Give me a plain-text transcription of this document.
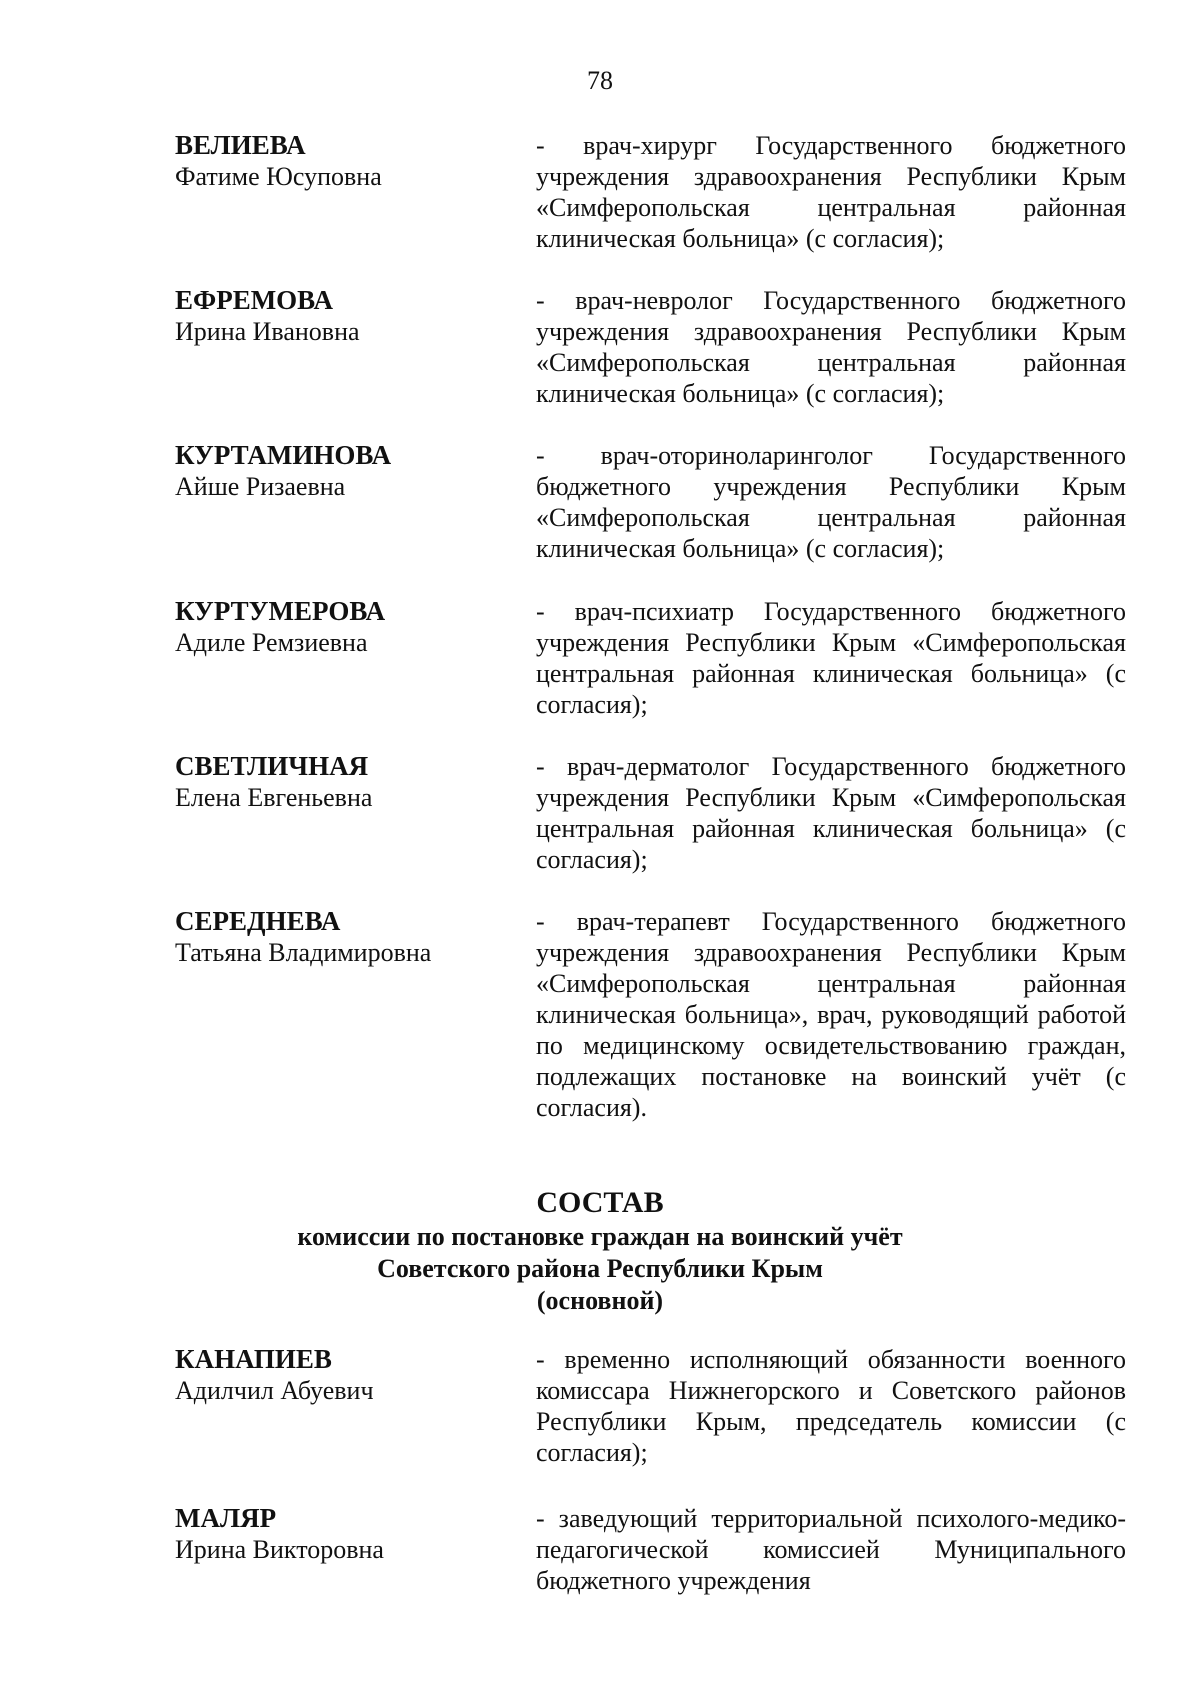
78
ВЕЛИЕВА
Фатиме Юсуповна
- врач-хирург Государственного бюджетного учреждения здравоохранения Республики Крым «Симферопольская центральная районная клиническая больница» (с согласия);
ЕФРЕМОВА
Ирина Ивановна
- врач-невролог Государственного бюджетного учреждения здравоохранения Республики Крым «Симферопольская центральная районная клиническая больница» (с согласия);
КУРТАМИНОВА
Айше Ризаевна
- врач-оториноларинголог Государственного бюджетного учреждения Республики Крым «Симферопольская центральная районная клиническая больница» (с согласия);
КУРТУМЕРОВА
Адиле Ремзиевна
- врач-психиатр Государственного бюджетного учреждения Республики Крым «Симферопольская центральная районная клиническая больница» (с согласия);
СВЕТЛИЧНАЯ
Елена Евгеньевна
- врач-дерматолог Государственного бюджетного учреждения Республики Крым «Симферопольская центральная районная клиническая больница» (с согласия);
СЕРЕДНЕВА
Татьяна Владимировна
- врач-терапевт Государственного бюджетного учреждения здравоохранения Республики Крым «Симферопольская центральная районная клиническая больница», врач, руководящий работой по медицинскому освидетельствованию граждан, подлежащих постановке на воинский учёт (с согласия).
СОСТАВ
комиссии по постановке граждан на воинский учёт
Советского района Республики Крым
(основной)
КАНАПИЕВ
Адилчил Абуевич
- временно исполняющий обязанности военного комиссара Нижнегорского и Советского районов Республики Крым, председатель комиссии (с согласия);
МАЛЯР
Ирина Викторовна
- заведующий территориальной психолого-медико-педагогической комиссией Муниципального бюджетного учреждения
